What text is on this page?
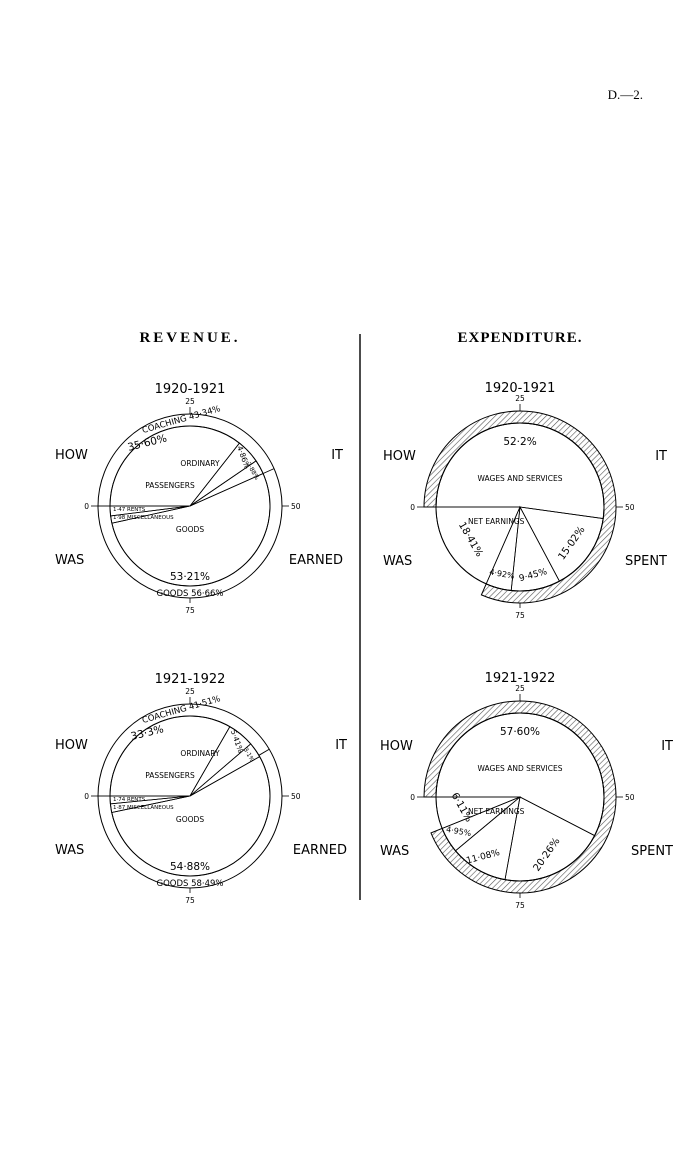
D.—2.
REVENUE.	EXPENDITURE.
1920-1921
COACHING 43·34%
GOODS 56·66%
35·60%
ORDINARY
PASSENGERS
GOODS
53·21%
4·86%
2·88%
1·47 RENTS
1·98 MISCELLANEOUS
25
50
75
0
HOW	IT
WAS	EARNED
1920-1921
52·2%
WAGES AND SERVICES
15·02%
9·45%
4·92%
18·41%
NET EARNINGS
25
50
75
0
HOW	IT
WAS	SPENT
1921-1922
COACHING 41·51%
GOODS 58·49%
33·3%
ORDINARY
PASSENGERS
GOODS
54·88%
5·41%
3·1%
1·74 RENTS
1·87 MISCELLANEOUS
25
50
75
0
HOW	IT
WAS	EARNED
1921-1922
57·60%
WAGES AND SERVICES
20·26%
11·08%
4·95%
6·11%
NET EARNINGS
25
50
75
0
HOW	IT
WAS	SPENT
